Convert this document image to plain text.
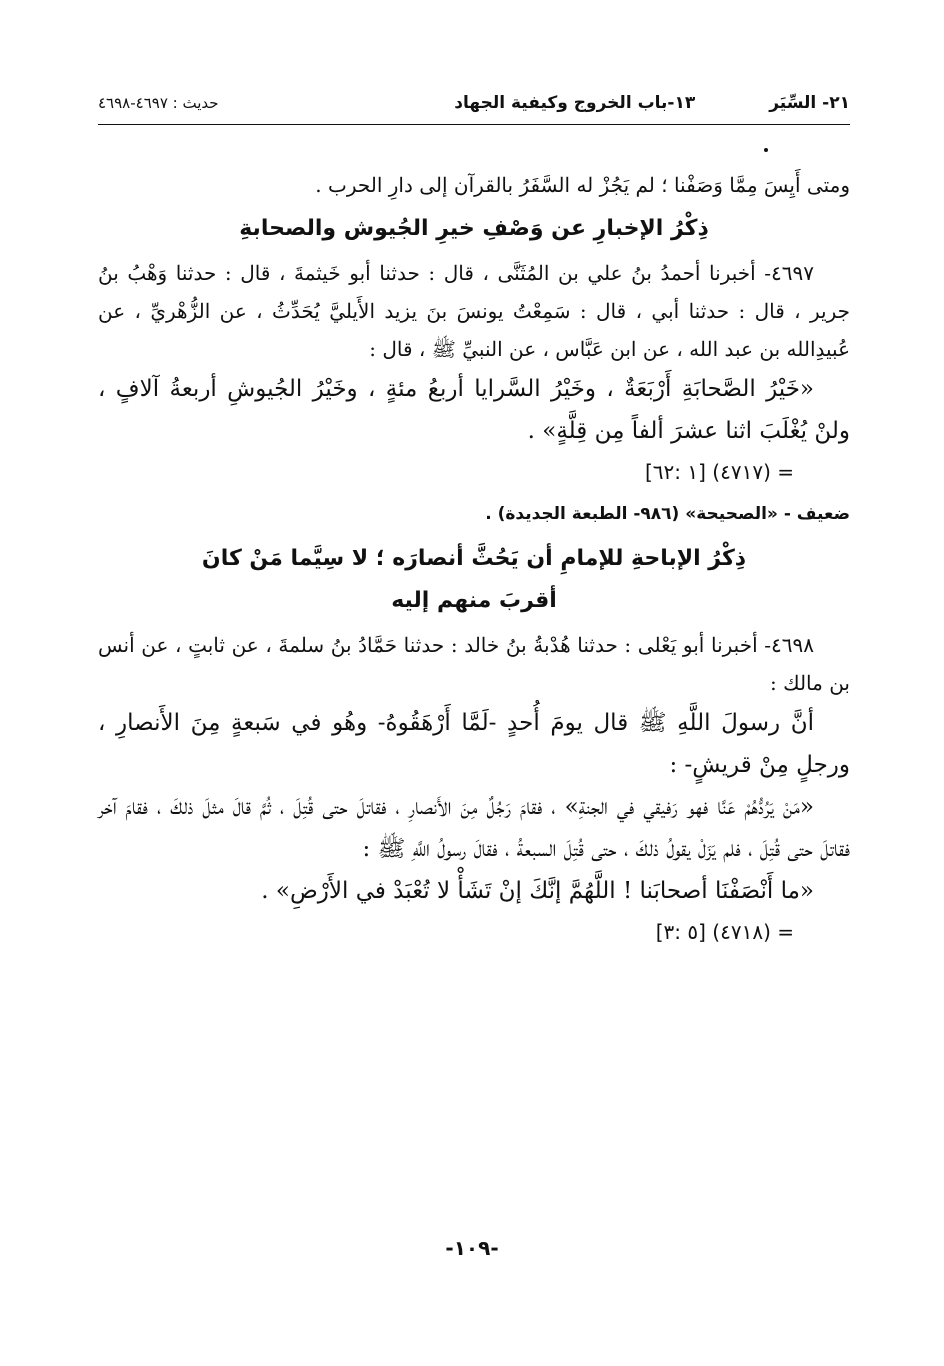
٢١- السِّيَر
١٣-باب الخروج وكيفية الجهاد
حديث : ٤٦٩٧-٤٦٩٨

ومتى أَيِسَ مِمَّا وَصَفْنا ؛ لم يَجُزْ له السَّفَرُ بالقرآن إلى دارِ الحرب .

ذِكْرُ الإخبارِ عن وَصْفِ خيرِ الجُيوش والصحابةِ

٤٦٩٧- أخبرنا أحمدُ بنُ علي بن المُثَنَّى ، قال : حدثنا أبو خَيثمةَ ، قال : حدثنا وَهْبُ بنُ جرير ، قال : حدثنا أبي ، قال : سَمِعْتُ يونسَ بنَ يزيد الأَيليَّ يُحَدِّثُ ، عن الزُّهْريِّ ، عن عُبيدِالله بن عبد الله ، عن ابن عَبَّاس ، عن النبيِّ ﷺ ، قال :

«خَيْرُ الصَّحابَةِ أَرْبَعَةٌ ، وخَيْرُ السَّرايا أربعُ مئةٍ ، وخَيْرُ الجُيوشِ أربعةُ آلافٍ ، ولنْ يُغْلَبَ اثنا عشرَ ألفاً مِن قِلَّةٍ» .

= (٤٧١٧) [١ :٦٢]

ضعيف - «الصحيحة» (٩٨٦- الطبعة الجديدة) .

ذِكْرُ الإباحةِ للإمامِ أن يَحُثَّ أنصارَه ؛ لا سِيَّما مَنْ كانَ
أقربَ منهم إليه

٤٦٩٨- أخبرنا أبو يَعْلى : حدثنا هُدْبةُ بنُ خالد : حدثنا حَمَّادُ بنُ سلمةَ ، عن ثابتٍ ، عن أنس بن مالك :

أنَّ رسولَ اللَّهِ ﷺ قال يومَ أُحدٍ -لَمَّا أَرْهَقُوهُ- وهُو في سَبعةٍ مِنَ الأَنصارِ ، ورجلٍ مِنْ قريشٍ- :

«مَنْ يَرُدُّهُمْ عَنَّا فهو رَفيقي في الجنةِ» ، فقامَ رَجُلٌ مِنَ الأَنصارِ ، فقاتلَ حتى قُتِلَ ، ثُمَّ قالَ مثلَ ذلكَ ، فقامَ آخر فقاتلَ حتى قُتِلَ ، فلم يَزَلْ يقولُ ذلكَ ، حتى قُتِلَ السبعةُ ، فقالَ رسولُ اللَّهِ ﷺ :

«ما أَنْصَفْنَا أصحابَنا ! اللَّهُمَّ إنَّكَ إنْ تَشَأْ لا تُعْبَدْ في الأَرْضِ» .

= (٤٧١٨) [٥ :٣]

-١٠٩-
